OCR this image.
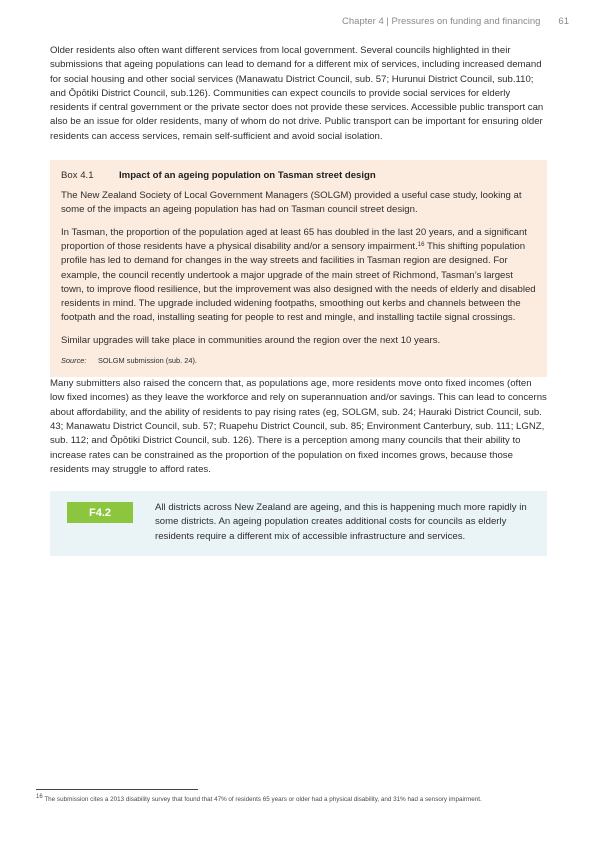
Chapter 4 | Pressures on funding and financing 61

Older residents also often want different services from local government. Several councils highlighted in their submissions that ageing populations can lead to demand for a different mix of services, including increased demand for social housing and other social services (Manawatu District Council, sub. 57; Hurunui District Council, sub.110; and Ōpōtiki District Council, sub.126). Communities can expect councils to provide social services for elderly residents if central government or the private sector does not provide these services. Accessible public transport can also be an issue for older residents, many of whom do not drive. Public transport can be important for ensuring older residents can access services, remain self-sufficient and avoid social isolation.

Box 4.1	Impact of an ageing population on Tasman street design

The New Zealand Society of Local Government Managers (SOLGM) provided a useful case study, looking at some of the impacts an ageing population has had on Tasman council street design.

In Tasman, the proportion of the population aged at least 65 has doubled in the last 20 years, and a significant proportion of those residents have a physical disability and/or a sensory impairment.$^{16}$ This shifting population profile has led to demand for changes in the way streets and facilities in Tasman region are designed. For example, the council recently undertook a major upgrade of the main street of Richmond, Tasman’s largest town, to improve flood resilience, but the improvement was also designed with the needs of elderly and disabled residents in mind. The upgrade included widening footpaths, smoothing out kerbs and channels between the footpath and the road, installing seating for people to rest and mingle, and installing tactile signal crossings.

Similar upgrades will take place in communities around the region over the next 10 years.

Source:	SOLGM submission (sub. 24).

Many submitters also raised the concern that, as populations age, more residents move onto fixed incomes (often low fixed incomes) as they leave the workforce and rely on superannuation and/or savings. This can lead to concerns about affordability, and the ability of residents to pay rising rates (eg, SOLGM, sub. 24; Hauraki District Council, sub. 43; Manawatu District Council, sub. 57; Ruapehu District Council, sub. 85; Environment Canterbury, sub. 111; LGNZ, sub. 112; and Ōpōtiki District Council, sub. 126). There is a perception among many councils that their ability to increase rates can be constrained as the proportion of the population on fixed incomes grows, because those residents may struggle to afford rates.

F4.2	All districts across New Zealand are ageing, and this is happening much more rapidly in some districts. An ageing population creates additional costs for councils as elderly residents require a different mix of accessible infrastructure and services.
$^{16}$ The submission cites a 2013 disability survey that found that 47% of residents 65 years or older had a physical disability, and 31% had a sensory impairment.
